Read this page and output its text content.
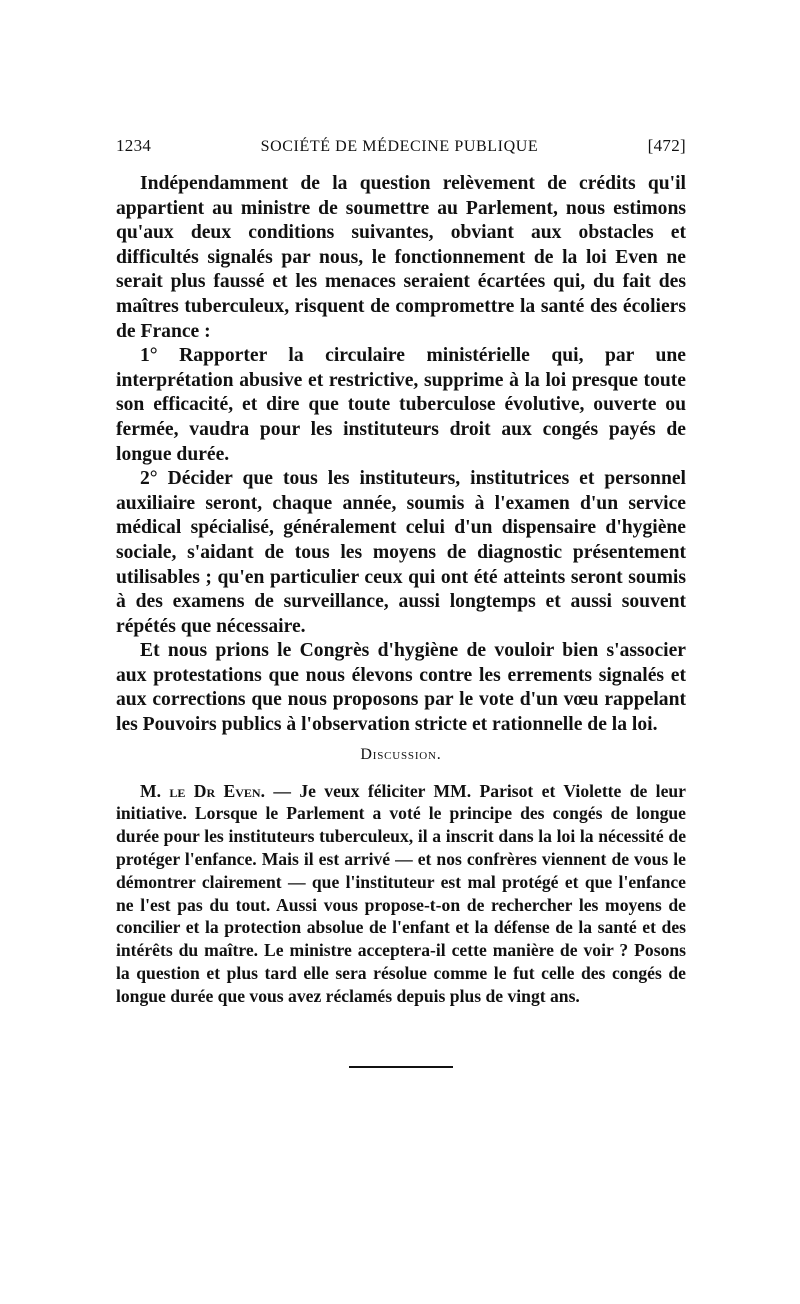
1234	SOCIÉTÉ DE MÉDECINE PUBLIQUE	[472]

Indépendamment de la question relèvement de crédits qu'il appartient au ministre de soumettre au Parlement, nous estimons qu'aux deux conditions suivantes, obviant aux obstacles et difficultés signalés par nous, le fonctionnement de la loi Even ne serait plus faussé et les menaces seraient écartées qui, du fait des maîtres tuberculeux, risquent de compromettre la santé des écoliers de France :

1° Rapporter la circulaire ministérielle qui, par une interprétation abusive et restrictive, supprime à la loi presque toute son efficacité, et dire que toute tuberculose évolutive, ouverte ou fermée, vaudra pour les instituteurs droit aux congés payés de longue durée.

2° Décider que tous les instituteurs, institutrices et personnel auxiliaire seront, chaque année, soumis à l'examen d'un service médical spécialisé, généralement celui d'un dispensaire d'hygiène sociale, s'aidant de tous les moyens de diagnostic présentement utilisables ; qu'en particulier ceux qui ont été atteints seront soumis à des examens de surveillance, aussi longtemps et aussi souvent répétés que nécessaire.

Et nous prions le Congrès d'hygiène de vouloir bien s'associer aux protestations que nous élevons contre les errements signalés et aux corrections que nous proposons par le vote d'un vœu rappelant les Pouvoirs publics à l'observation stricte et rationnelle de la loi.

Discussion.

M. le Dr Even. — Je veux féliciter MM. Parisot et Violette de leur initiative. Lorsque le Parlement a voté le principe des congés de longue durée pour les instituteurs tuberculeux, il a inscrit dans la loi la nécessité de protéger l'enfance. Mais il est arrivé — et nos confrères viennent de vous le démontrer clairement — que l'instituteur est mal protégé et que l'enfance ne l'est pas du tout. Aussi vous propose-t-on de rechercher les moyens de concilier et la protection absolue de l'enfant et la défense de la santé et des intérêts du maître. Le ministre acceptera-il cette manière de voir ? Posons la question et plus tard elle sera résolue comme le fut celle des congés de longue durée que vous avez réclamés depuis plus de vingt ans.
